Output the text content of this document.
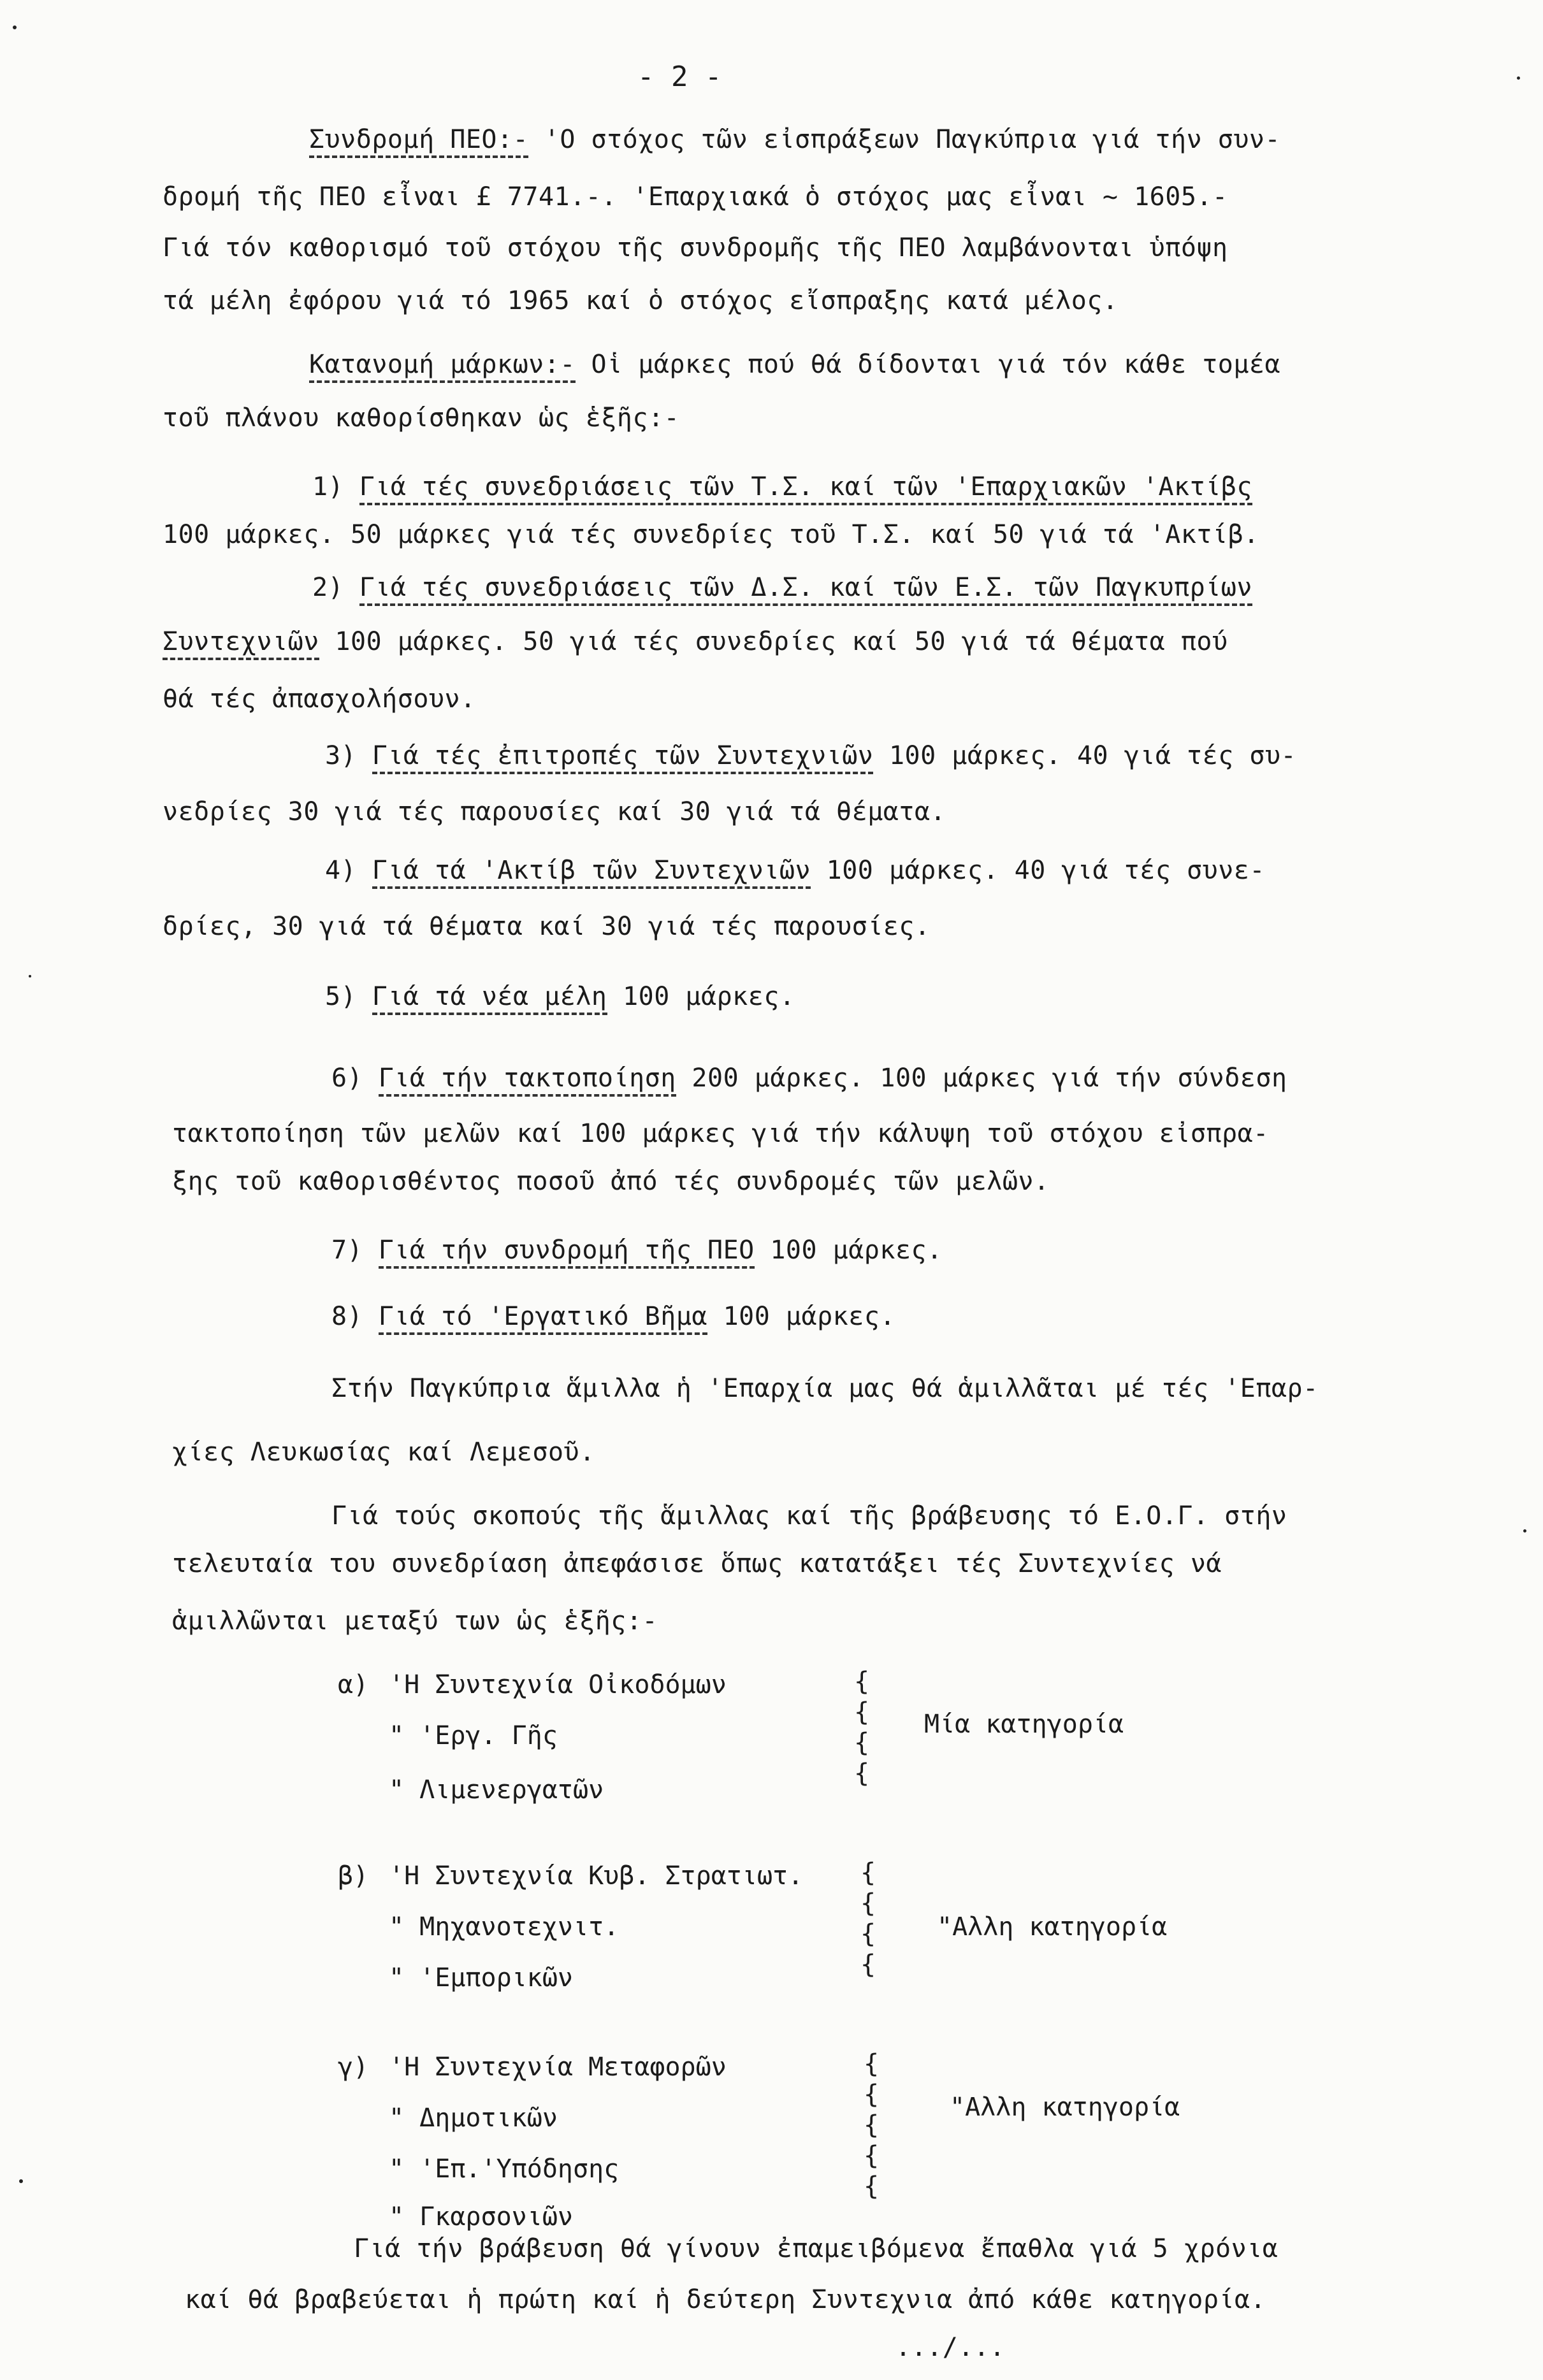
- 2 -
Συνδρομή ΠΕΟ:- 'Ο στόχος τῶν εἰσπράξεων Παγκύπρια γιά τήν συν-
δρομή τῆς ΠΕΟ εἶναι £ 7741.-. 'Επαρχιακά ὁ στόχος μας εἶναι ~ 1605.-
Γιά τόν καθορισμό τοῦ στόχου τῆς συνδρομῆς τῆς ΠΕΟ λαμβάνονται ὑπόψη
τά μέλη ἐφόρου γιά τό 1965 καί ὁ στόχος εἴσπραξης κατά μέλος.
Κατανομή μάρκων:- Οἱ μάρκες πού θά δίδονται γιά τόν κάθε τομέα
τοῦ πλάνου καθορίσθηκαν ὡς ἑξῆς:-
1) Γιά τές συνεδριάσεις τῶν Τ.Σ. καί τῶν 'Επαρχιακῶν 'Ακτίβς
100 μάρκες. 50 μάρκες γιά τές συνεδρίες τοῦ Τ.Σ. καί 50 γιά τά 'Ακτίβ.
2) Γιά τές συνεδριάσεις τῶν Δ.Σ. καί τῶν Ε.Σ. τῶν Παγκυπρίων
Συντεχνιῶν 100 μάρκες. 50 γιά τές συνεδρίες καί 50 γιά τά θέματα πού
θά τές ἀπασχολήσουν.
3) Γιά τές ἐπιτροπές τῶν Συντεχνιῶν 100 μάρκες. 40 γιά τές συ-
νεδρίες 30 γιά τές παρουσίες καί 30 γιά τά θέματα.
4) Γιά τά 'Ακτίβ τῶν Συντεχνιῶν 100 μάρκες. 40 γιά τές συνε-
δρίες, 30 γιά τά θέματα καί 30 γιά τές παρουσίες.
5) Γιά τά νέα μέλη 100 μάρκες.
6) Γιά τήν τακτοποίηση 200 μάρκες. 100 μάρκες γιά τήν σύνδεση
τακτοποίηση τῶν μελῶν καί 100 μάρκες γιά τήν κάλυψη τοῦ στόχου εἰσπρα-
ξης τοῦ καθορισθέντος ποσοῦ ἀπό τές συνδρομές τῶν μελῶν.
7) Γιά τήν συνδρομή τῆς ΠΕΟ 100 μάρκες.
8) Γιά τό 'Εργατικό Βῆμα 100 μάρκες.
Στήν Παγκύπρια ἅμιλλα ἡ 'Επαρχία μας θά ἁμιλλᾶται μέ τές 'Επαρ-
χίες Λευκωσίας καί Λεμεσοῦ.
Γιά τούς σκοπούς τῆς ἅμιλλας καί τῆς βράβευσης τό Ε.Ο.Γ. στήν
τελευταία του συνεδρίαση ἀπεφάσισε ὅπως κατατάξει τές Συντεχνίες νά
ἁμιλλῶνται μεταξύ των ὡς ἑξῆς:-
α) 'Η Συντεχνία Οἰκοδόμων
" 'Εργ. Γῆς
" Λιμενεργατῶν
{
{
{
{
Μία κατηγορία
β) 'Η Συντεχνία Κυβ. Στρατιωτ.
" Μηχανοτεχνιτ.
" 'Εμπορικῶν
{
{
{
{
"Αλλη κατηγορία
γ) 'Η Συντεχνία Μεταφορῶν
" Δημοτικῶν
" 'Επ.'Υπόδησης
" Γκαρσονιῶν
{
{
{
{
{
"Αλλη κατηγορία
Γιά τήν βράβευση θά γίνουν ἐπαμειβόμενα ἔπαθλα γιά 5 χρόνια
καί θά βραβεύεται ἡ πρώτη καί ἡ δεύτερη Συντεχνια ἀπό κάθε κατηγορία.
.../...
